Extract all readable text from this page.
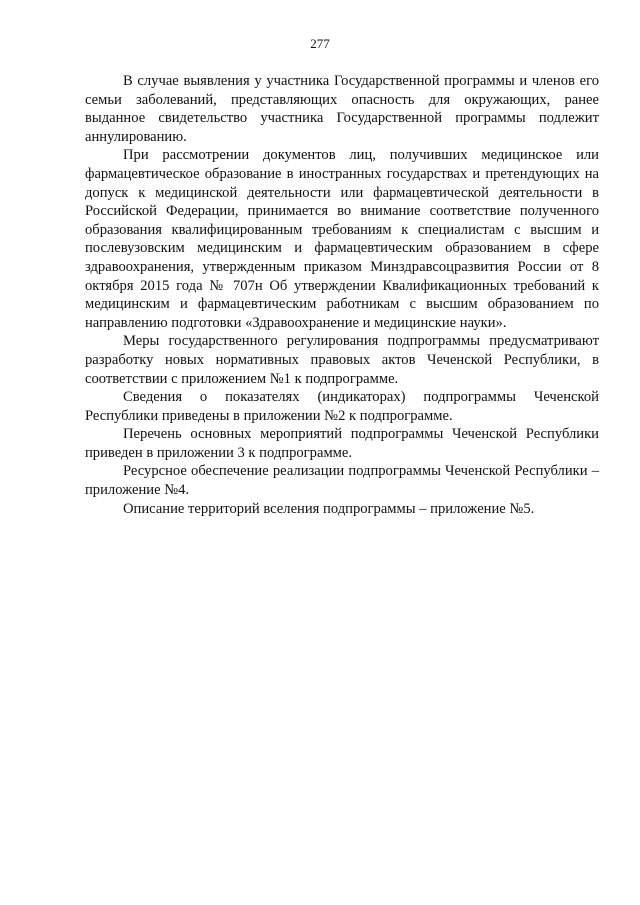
277

В случае выявления у участника Государственной программы и членов его семьи заболеваний, представляющих опасность для окружающих, ранее выданное свидетельство участника Государственной программы подлежит аннулированию.

При рассмотрении документов лиц, получивших медицинское или фармацевтическое образование в иностранных государствах и претендующих на допуск к медицинской деятельности или фармацевтической деятельности в Российской Федерации, принимается во внимание соответствие полученного образования квалифицированным требованиям к специалистам с высшим и послевузовским медицинским и фармацевтическим образованием в сфере здравоохранения, утвержденным приказом Минздравсоцразвития России от 8 октября 2015 года № 707н Об утверждении Квалификационных требований к медицинским и фармацевтическим работникам с высшим образованием по направлению подготовки «Здравоохранение и медицинские науки».

Меры государственного регулирования подпрограммы предусматривают разработку новых нормативных правовых актов Чеченской Республики, в соответствии с приложением №1 к подпрограмме.

Сведения о показателях (индикаторах) подпрограммы Чеченской Республики приведены в приложении №2 к подпрограмме.

Перечень основных мероприятий подпрограммы Чеченской Республики приведен в приложении 3 к подпрограмме.

Ресурсное обеспечение реализации подпрограммы Чеченской Республики – приложение №4.

Описание территорий вселения подпрограммы – приложение №5.
